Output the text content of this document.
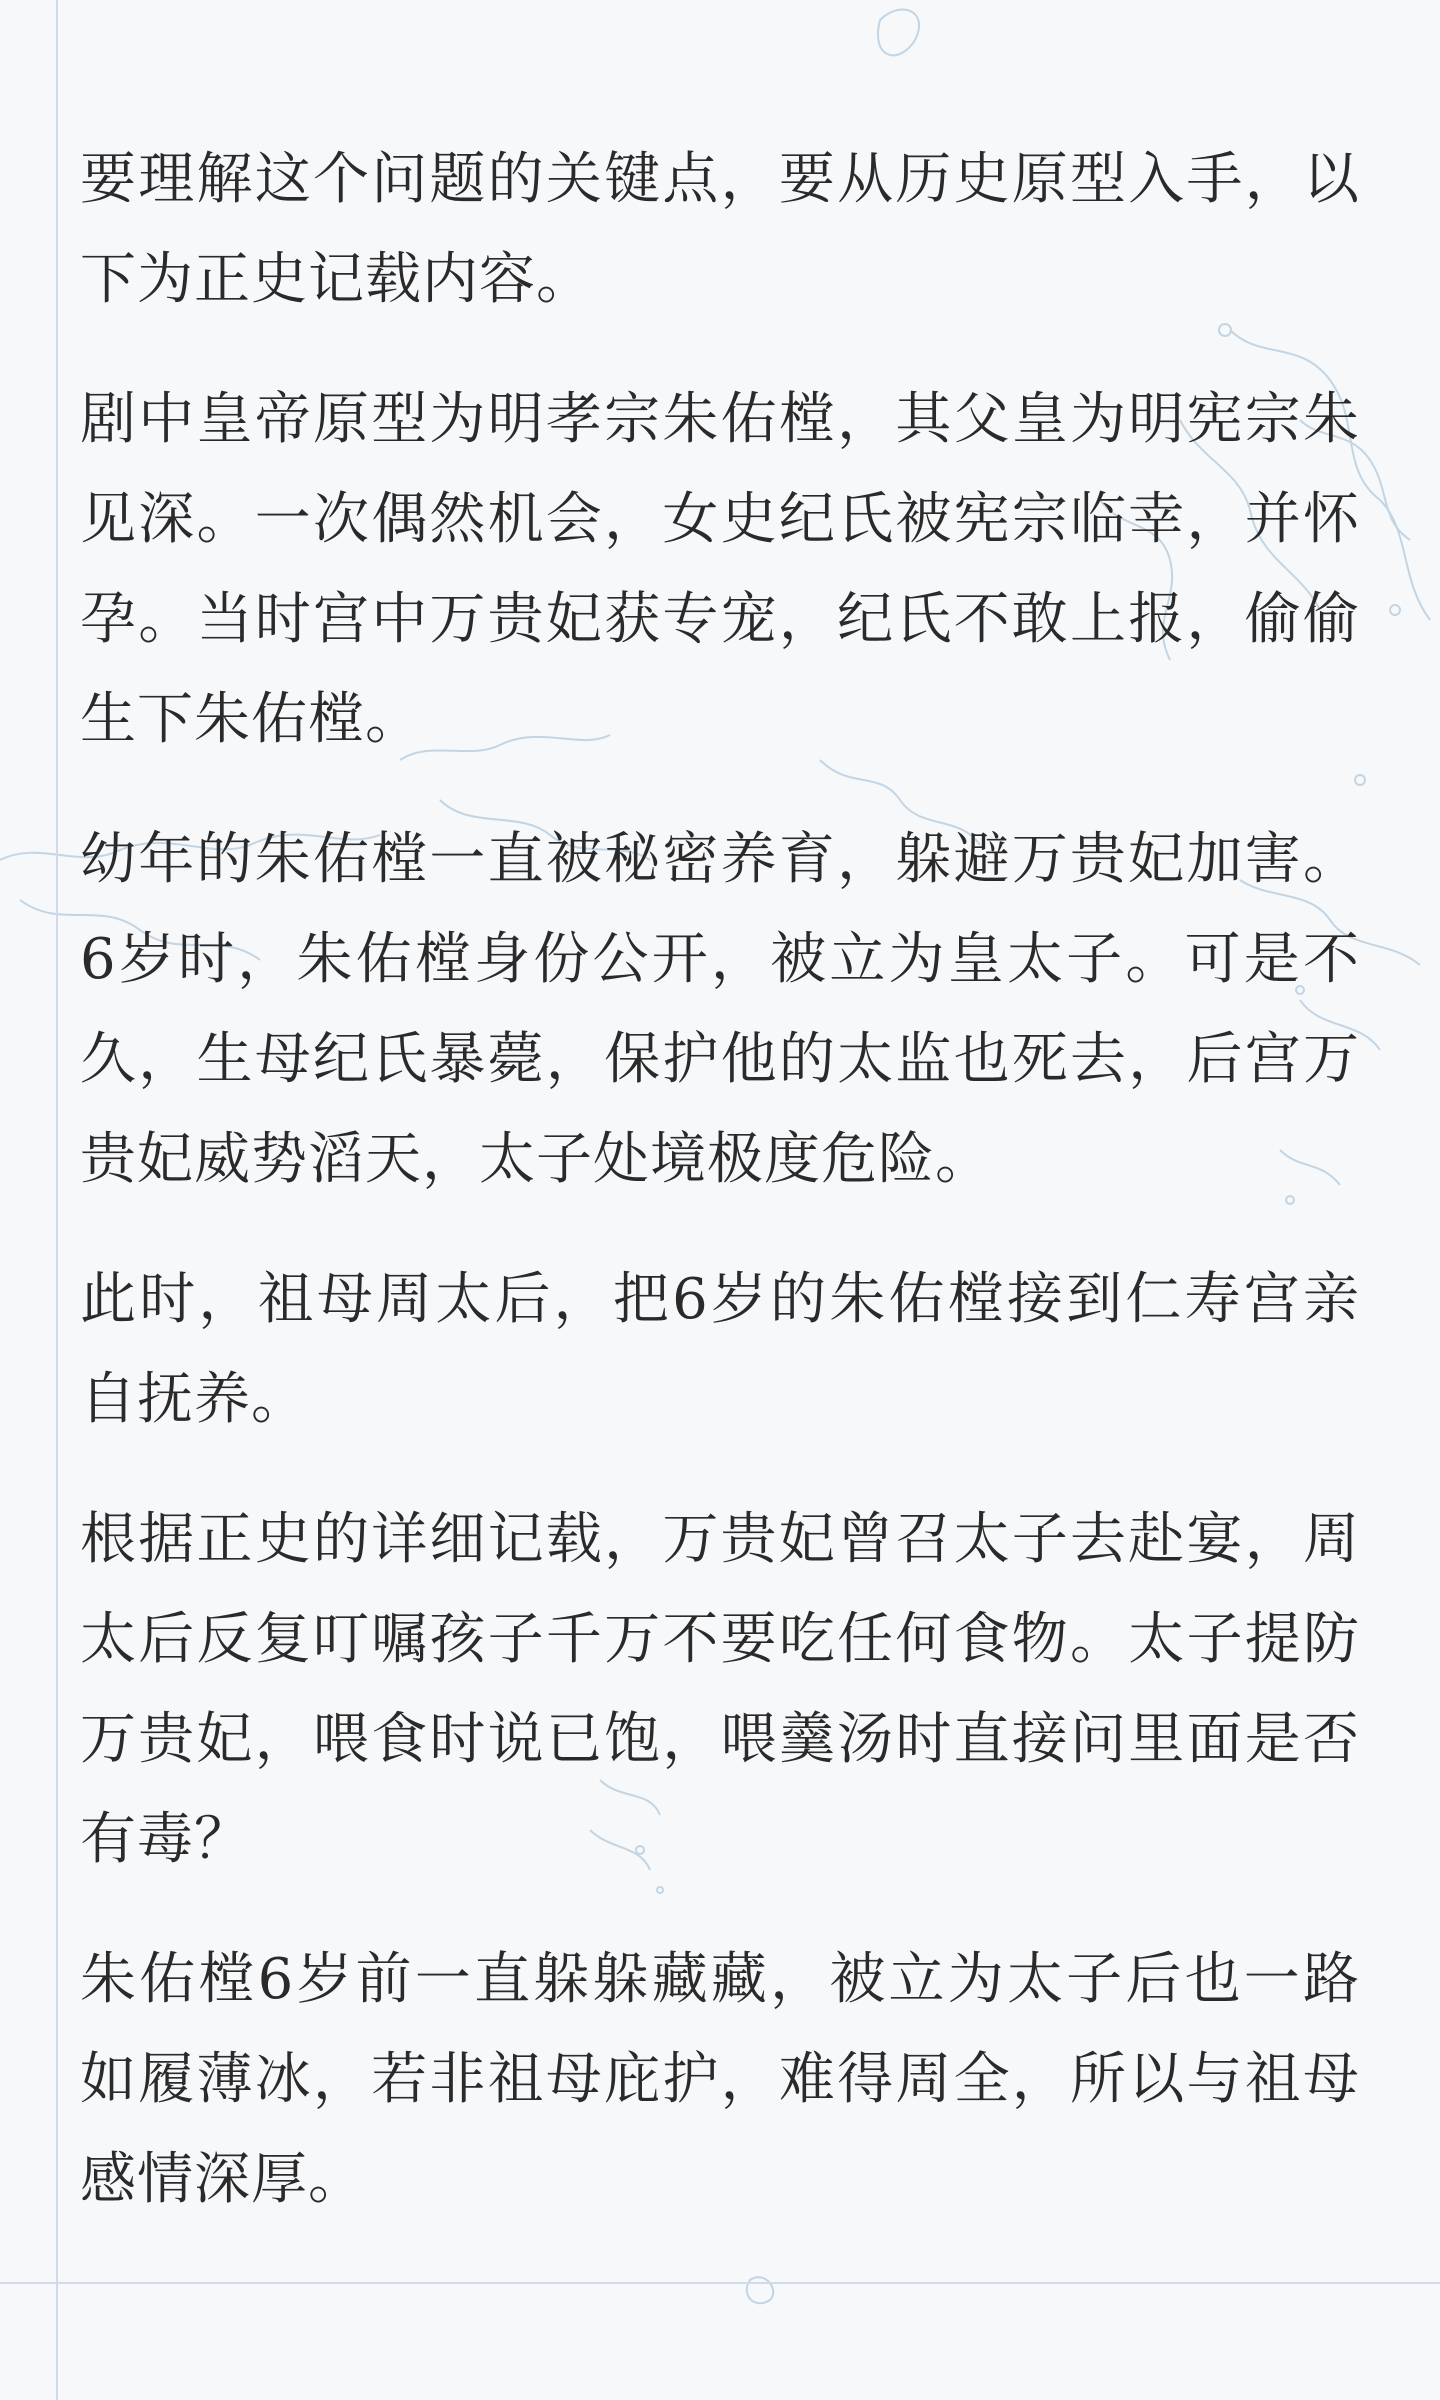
要理解这个问题的关键点，要从历史原型入手，以下为正史记载内容。

剧中皇帝原型为明孝宗朱佑樘，其父皇为明宪宗朱见深。一次偶然机会，女史纪氏被宪宗临幸，并怀孕。当时宫中万贵妃获专宠，纪氏不敢上报，偷偷生下朱佑樘。

幼年的朱佑樘一直被秘密养育，躲避万贵妃加害。6岁时，朱佑樘身份公开，被立为皇太子。可是不久，生母纪氏暴薨，保护他的太监也死去，后宫万贵妃威势滔天，太子处境极度危险。

此时，祖母周太后，把6岁的朱佑樘接到仁寿宫亲自抚养。

根据正史的详细记载，万贵妃曾召太子去赴宴，周太后反复叮嘱孩子千万不要吃任何食物。太子提防万贵妃，喂食时说已饱，喂羹汤时直接问里面是否有毒？

朱佑樘6岁前一直躲躲藏藏，被立为太子后也一路如履薄冰，若非祖母庇护，难得周全，所以与祖母感情深厚。
